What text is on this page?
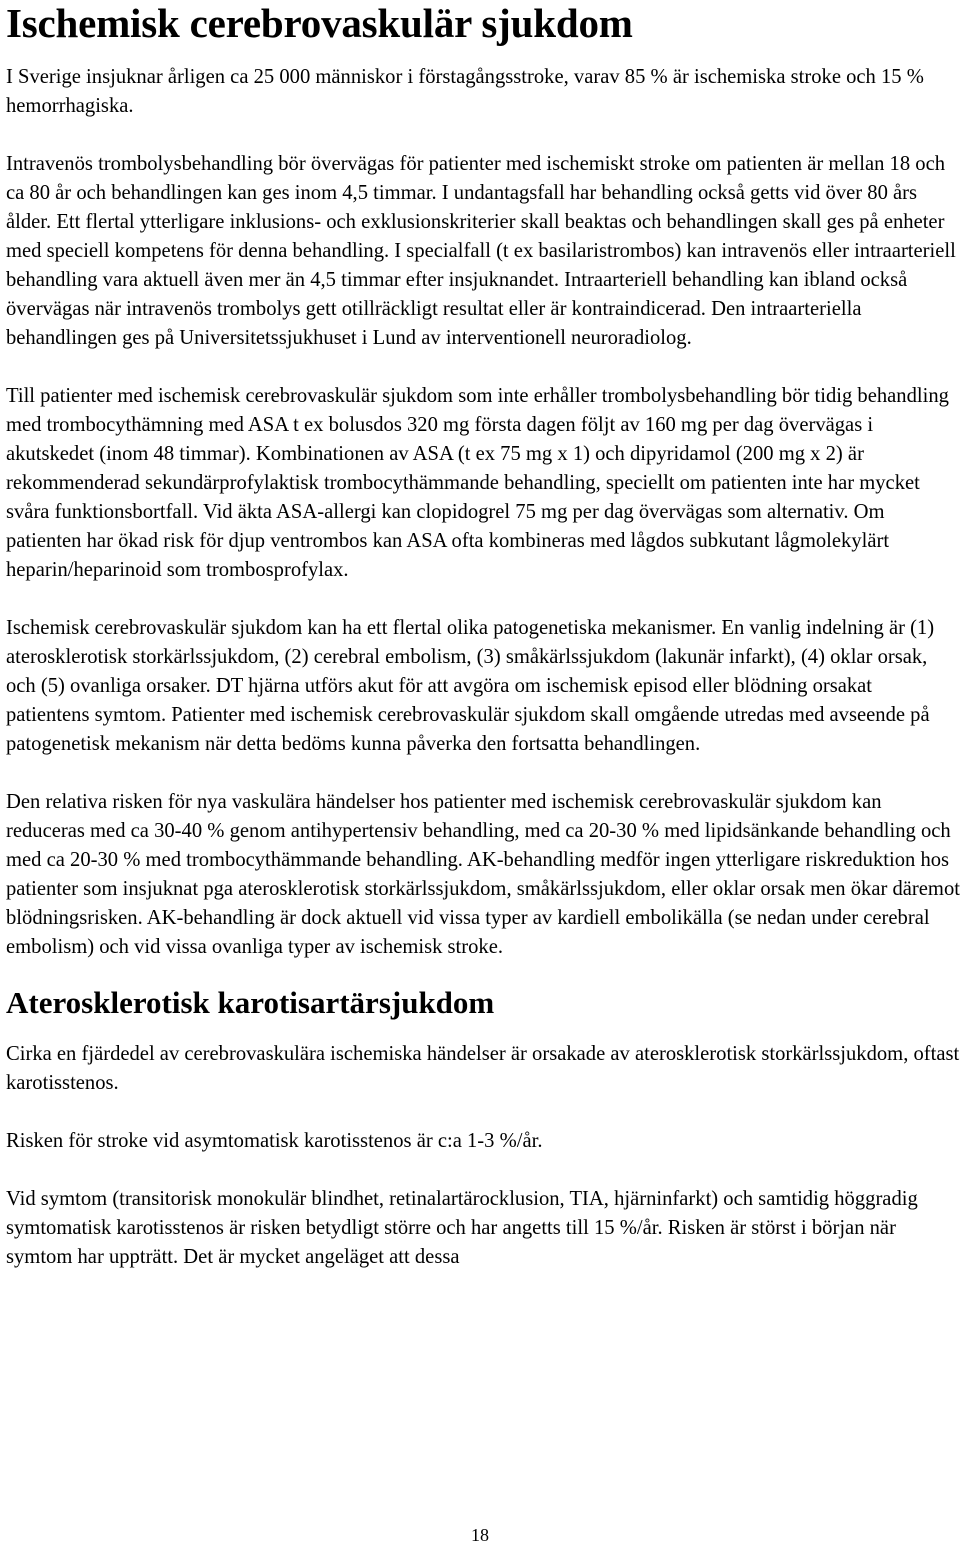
Ischemisk cerebrovaskulär sjukdom

I Sverige insjuknar årligen ca 25 000 människor i förstagångsstroke, varav 85 % är ischemiska stroke och 15 % hemorrhagiska.

Intravenös trombolysbehandling bör övervägas för patienter med ischemiskt stroke om patienten är mellan 18 och ca 80 år och behandlingen kan ges inom 4,5 timmar. I undantagsfall har behandling också getts vid över 80 års ålder. Ett flertal ytterligare inklusions- och exklusionskriterier skall beaktas och behandlingen skall ges på enheter med speciell kompetens för denna behandling. I specialfall (t ex basilaristrombos) kan intravenös eller intraarteriell behandling vara aktuell även mer än 4,5 timmar efter insjuknandet. Intraarteriell behandling kan ibland också övervägas när intravenös trombolys gett otillräckligt resultat eller är kontraindicerad. Den intraarteriella behandlingen ges på Universitetssjukhuset i Lund av interventionell neuroradiolog.

Till patienter med ischemisk cerebrovaskulär sjukdom som inte erhåller trombolysbehandling bör tidig behandling med trombocythämning med ASA t ex bolusdos 320 mg första dagen följt av 160 mg per dag övervägas i akutskedet (inom 48 timmar). Kombinationen av ASA (t ex 75 mg x 1) och dipyridamol (200 mg x 2) är rekommenderad sekundärprofylaktisk trombocythämmande behandling, speciellt om patienten inte har mycket svåra funktionsbortfall. Vid äkta ASA-allergi kan clopidogrel 75 mg per dag övervägas som alternativ. Om patienten har ökad risk för djup ventrombos kan ASA ofta kombineras med lågdos subkutant lågmolekylärt heparin/heparinoid som trombosprofylax.

Ischemisk cerebrovaskulär sjukdom kan ha ett flertal olika patogenetiska mekanismer. En vanlig indelning är (1) aterosklerotisk storkärlssjukdom, (2) cerebral embolism, (3) småkärlssjukdom (lakunär infarkt), (4) oklar orsak, och (5) ovanliga orsaker. DT hjärna utförs akut för att avgöra om ischemisk episod eller blödning orsakat patientens symtom. Patienter med ischemisk cerebrovaskulär sjukdom skall omgående utredas med avseende på patogenetisk mekanism när detta bedöms kunna påverka den fortsatta behandlingen.

Den relativa risken för nya vaskulära händelser hos patienter med ischemisk cerebrovaskulär sjukdom kan reduceras med ca 30-40 % genom antihypertensiv behandling, med ca 20-30 % med lipidsänkande behandling och med ca 20-30 % med trombocythämmande behandling. AK-behandling medför ingen ytterligare riskreduktion hos patienter som insjuknat pga aterosklerotisk storkärlssjukdom, småkärlssjukdom, eller oklar orsak men ökar däremot blödningsrisken. AK-behandling är dock aktuell vid vissa typer av kardiell embolikälla (se nedan under cerebral embolism) och vid vissa ovanliga typer av ischemisk stroke.

Aterosklerotisk karotisartärsjukdom

Cirka en fjärdedel av cerebrovaskulära ischemiska händelser är orsakade av aterosklerotisk storkärlssjukdom, oftast karotisstenos.

Risken för stroke vid asymtomatisk karotisstenos är c:a 1-3 %/år.

Vid symtom (transitorisk monokulär blindhet, retinalartärocklusion, TIA, hjärninfarkt) och samtidig höggradig symtomatisk karotisstenos är risken betydligt större och har angetts till 15 %/år. Risken är störst i början när symtom har uppträtt. Det är mycket angeläget att dessa

18
